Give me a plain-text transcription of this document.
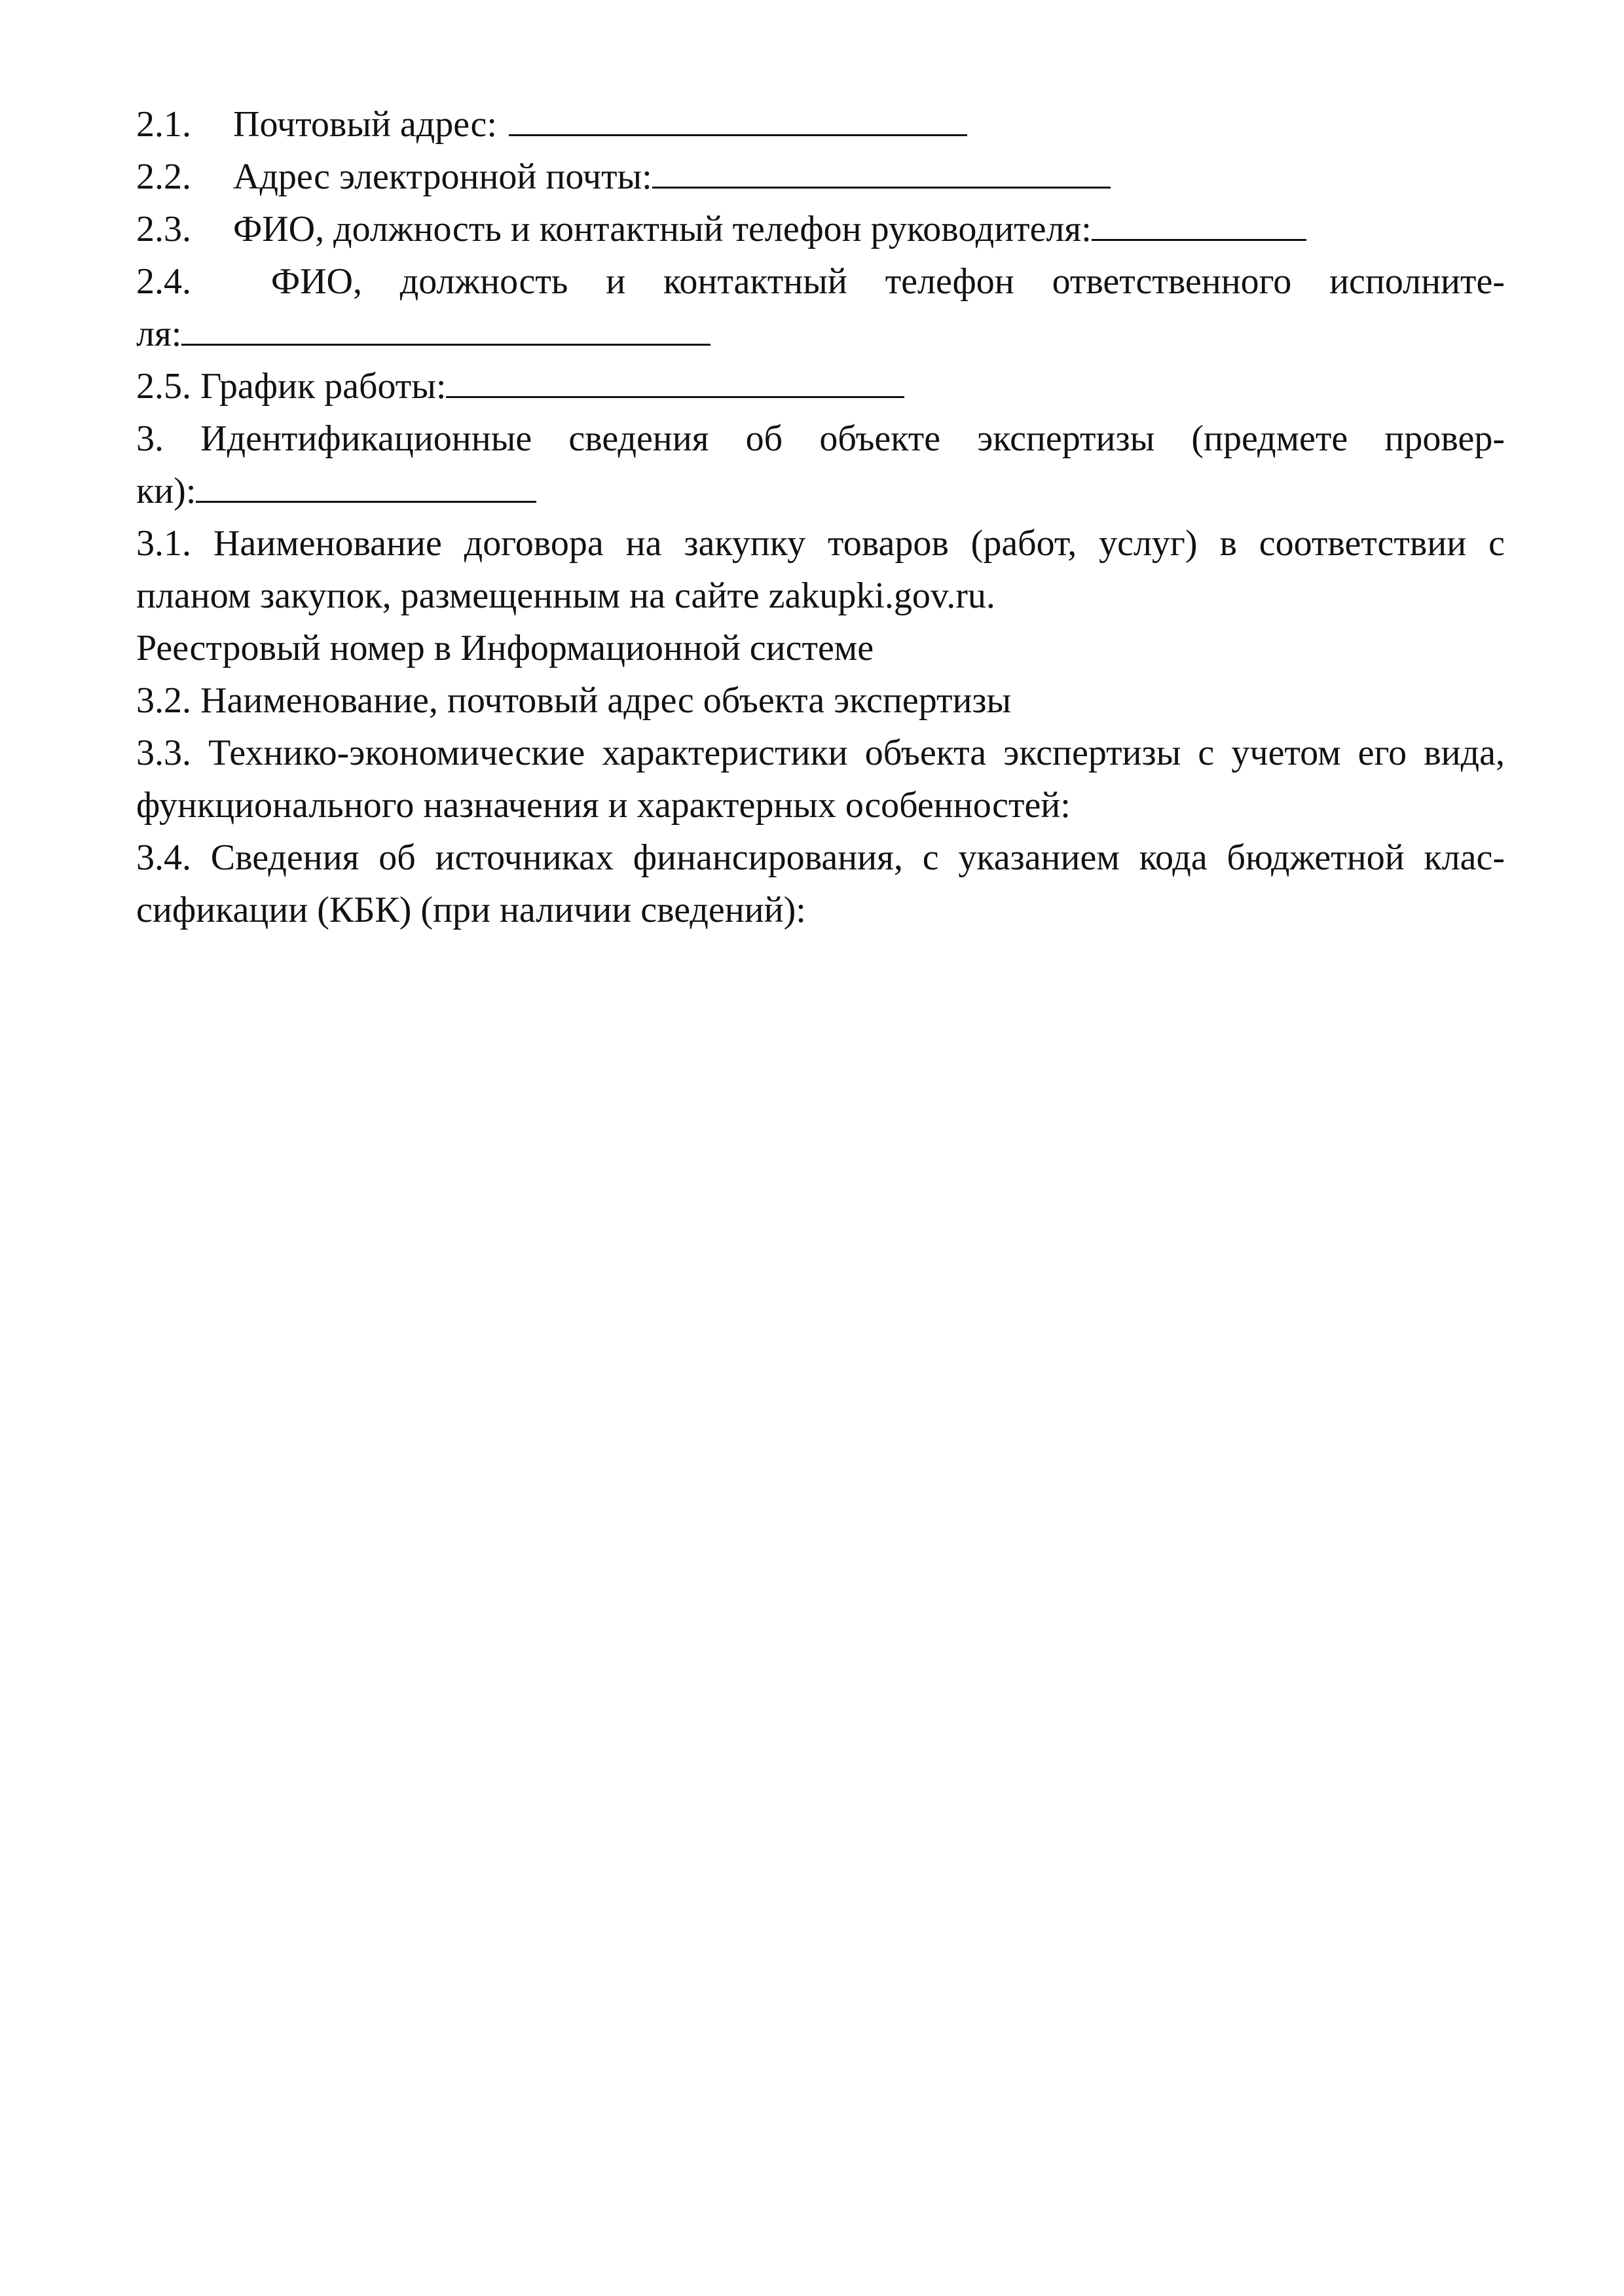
2.1. Почтовый адрес:
2.2. Адрес электронной почты:
2.3. ФИО, должность и контактный телефон руководителя:
2.4. ФИО, должность и контактный телефон ответственного исполните-
ля:
2.5. График работы:
3. Идентификационные сведения об объекте экспертизы (предмете провер-
ки):
3.1. Наименование договора на закупку товаров (работ, услуг) в соответствии с
планом закупок, размещенным на сайте zakupki.gov.ru.
Реестровый номер в Информационной системе
3.2. Наименование, почтовый адрес объекта экспертизы
3.3. Технико-экономические характеристики объекта экспертизы с учетом его вида,
функционального назначения и характерных особенностей:
3.4. Сведения об источниках финансирования, с указанием кода бюджетной клас-
сификации (КБК) (при наличии сведений):
